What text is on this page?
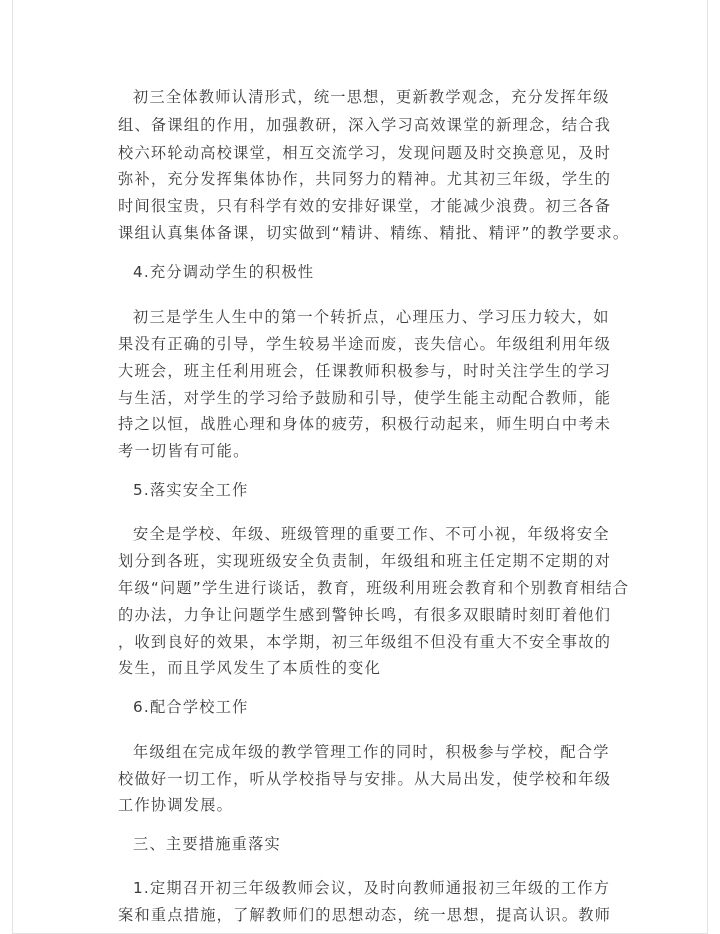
初三全体教师认清形式，统一思想，更新教学观念，充分发挥年级
组、备课组的作用，加强教研，深入学习高效课堂的新理念，结合我
校六环轮动高校课堂，相互交流学习，发现问题及时交换意见，及时
弥补，充分发挥集体协作，共同努力的精神。尤其初三年级，学生的
时间很宝贵，只有科学有效的安排好课堂，才能减少浪费。初三各备
课组认真集体备课，切实做到“精讲、精练、精批、精评”的教学要求。
4.充分调动学生的积极性
初三是学生人生中的第一个转折点，心理压力、学习压力较大，如
果没有正确的引导，学生较易半途而废，丧失信心。年级组利用年级
大班会，班主任利用班会，任课教师积极参与，时时关注学生的学习
与生活，对学生的学习给予鼓励和引导，使学生能主动配合教师，能
持之以恒，战胜心理和身体的疲劳，积极行动起来，师生明白中考未
考一切皆有可能。
5.落实安全工作
安全是学校、年级、班级管理的重要工作、不可小视，年级将安全
划分到各班，实现班级安全负责制，年级组和班主任定期不定期的对
年级“问题”学生进行谈话，教育，班级利用班会教育和个别教育相结合
的办法，力争让问题学生感到警钟长鸣，有很多双眼睛时刻盯着他们
，收到良好的效果，本学期，初三年级组不但没有重大不安全事故的
发生，而且学风发生了本质性的变化
6.配合学校工作
年级组在完成年级的教学管理工作的同时，积极参与学校，配合学
校做好一切工作，听从学校指导与安排。从大局出发，使学校和年级
工作协调发展。
三、主要措施重落实
1.定期召开初三年级教师会议，及时向教师通报初三年级的工作方
案和重点措施，了解教师们的思想动态，统一思想，提高认识。教师
